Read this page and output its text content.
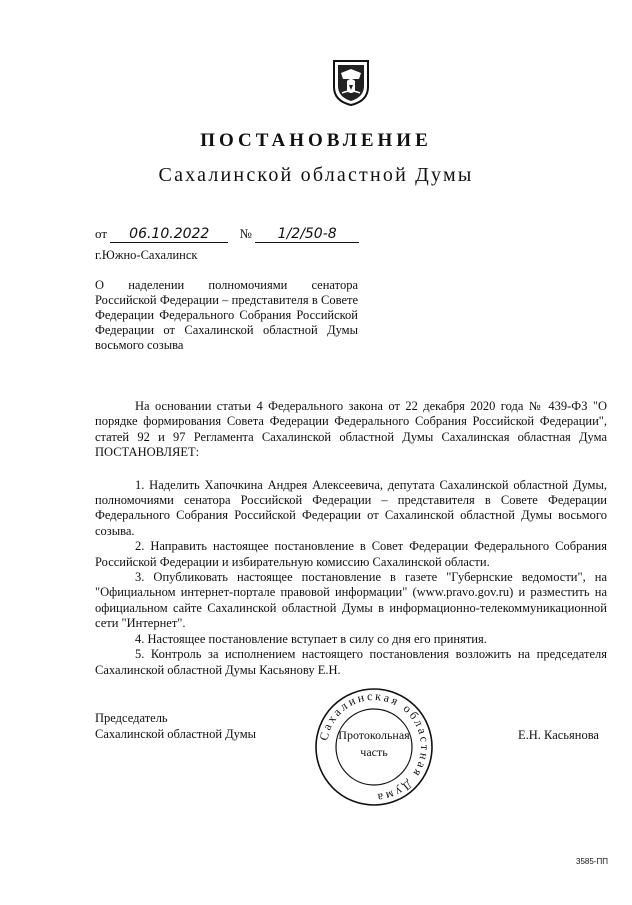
ПОСТАНОВЛЕНИЕ
Сахалинской областной Думы
от 06.10.2022 № 1/2/50-8
г.Южно-Сахалинск
О наделении полномочиями сенатора Российской Федерации – представителя в Совете Федерации Федерального Собрания Российской Федерации от Сахалинской областной Думы восьмого созыва

На основании статьи 4 Федерального закона от 22 декабря 2020 года № 439-ФЗ "О порядке формирования Совета Федерации Федерального Собрания Российской Федерации", статей 92 и 97 Регламента Сахалинской областной Думы Сахалинская областная Дума ПОСТАНОВЛЯЕТ:

1. Наделить Хапочкина Андрея Алексеевича, депутата Сахалинской областной Думы, полномочиями сенатора Российской Федерации – представителя в Совете Федерации Федерального Собрания Российской Федерации от Сахалинской областной Думы восьмого созыва.

2. Направить настоящее постановление в Совет Федерации Федерального Собрания Российской Федерации и избирательную комиссию Сахалинской области.

3. Опубликовать настоящее постановление в газете "Губернские ведомости", на "Официальном интернет-портале правовой информации" (www.pravo.gov.ru) и разместить на официальном сайте Сахалинской областной Думы в информационно-телекоммуникационной сети "Интернет".

4. Настоящее постановление вступает в силу со дня его принятия.

5. Контроль за исполнением настоящего постановления возложить на председателя Сахалинской областной Думы Касьянову Е.Н.

Председатель
Сахалинской областной Думы	Е.Н. Касьянова
Сахалинская областная Дума
Протокольная
часть
3585-ПП
